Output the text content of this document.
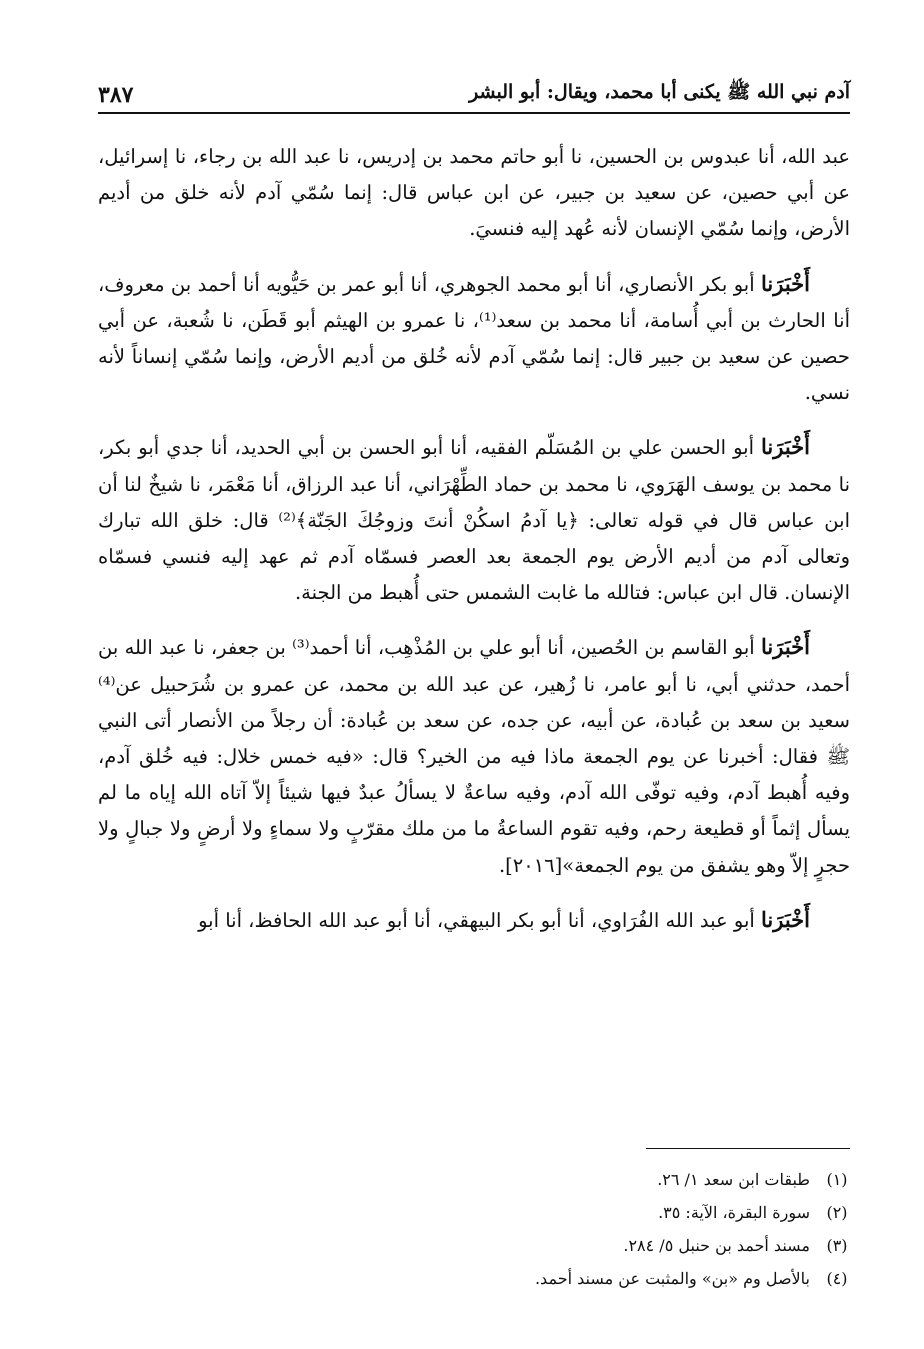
آدم نبي الله ﷺ يكنى أبا محمد، ويقال: أبو البشر
٣٨٧

عبد الله، أنا عبدوس بن الحسين، نا أبو حاتم محمد بن إدريس، نا عبد الله بن رجاء، نا إسرائيل، عن أبي حصين، عن سعيد بن جبير، عن ابن عباس قال: إنما سُمّي آدم لأنه خلق من أديم الأرض، وإنما سُمّي الإنسان لأنه عُهد إليه فنسيَ.

أَخْبَرَنا أبو بكر الأنصاري، أنا أبو محمد الجوهري، أنا أبو عمر بن حَيُّويه أنا أحمد بن معروف، أنا الحارث بن أبي أُسامة، أنا محمد بن سعد⁽¹⁾، نا عمرو بن الهيثم أبو قَطَن، نا شُعبة، عن أبي حصين عن سعيد بن جبير قال: إنما سُمّي آدم لأنه خُلق من أديم الأرض، وإنما سُمّي إنساناً لأنه نسي.

أَخْبَرَنا أبو الحسن علي بن المُسَلّم الفقيه، أنا أبو الحسن بن أبي الحديد، أنا جدي أبو بكر، نا محمد بن يوسف الهَرَوي، نا محمد بن حماد الطِّهْرَاني، أنا عبد الرزاق، أنا مَعْمَر، نا شيخٌ لنا أن ابن عباس قال في قوله تعالى: ﴿يا آدمُ اسكُنْ أنتَ وزوجُكَ الجَنّة﴾⁽²⁾ قال: خلق الله تبارك وتعالى آدم من أديم الأرض يوم الجمعة بعد العصر فسمّاه آدم ثم عهد إليه فنسي فسمّاه الإنسان. قال ابن عباس: فتالله ما غابت الشمس حتى أُهبط من الجنة.

أَخْبَرَنا أبو القاسم بن الحُصين، أنا أبو علي بن المُذْهِب، أنا أحمد⁽³⁾ بن جعفر، نا عبد الله بن أحمد، حدثني أبي، نا أبو عامر، نا زُهير، عن عبد الله بن محمد، عن عمرو بن شُرَحبيل عن⁽⁴⁾ سعيد بن سعد بن عُبادة، عن أبيه، عن جده، عن سعد بن عُبادة: أن رجلاً من الأنصار أتى النبي ﷺ فقال: أخبرنا عن يوم الجمعة ماذا فيه من الخير؟ قال: «فيه خمس خلال: فيه خُلق آدم، وفيه أُهبط آدم، وفيه توفّى الله آدم، وفيه ساعةٌ لا يسألُ عبدٌ فيها شيئاً إلاّ آتاه الله إياه ما لم يسأل إثماً أو قطيعة رحم، وفيه تقوم الساعةُ ما من ملك مقرّبٍ ولا سماءٍ ولا أرضٍ ولا جبالٍ ولا حجرٍ إلاّ وهو يشفق من يوم الجمعة»[٢٠١٦].

أَخْبَرَنا أبو عبد الله الفُرَاوي، أنا أبو بكر البيهقي، أنا أبو عبد الله الحافظ، أنا أبو

(١)
طبقات ابن سعد ١/ ٢٦.
(٢)
سورة البقرة، الآية: ٣٥.
(٣)
مسند أحمد بن حنبل ٥/ ٢٨٤.
(٤)
بالأصل وم «بن» والمثبت عن مسند أحمد.
